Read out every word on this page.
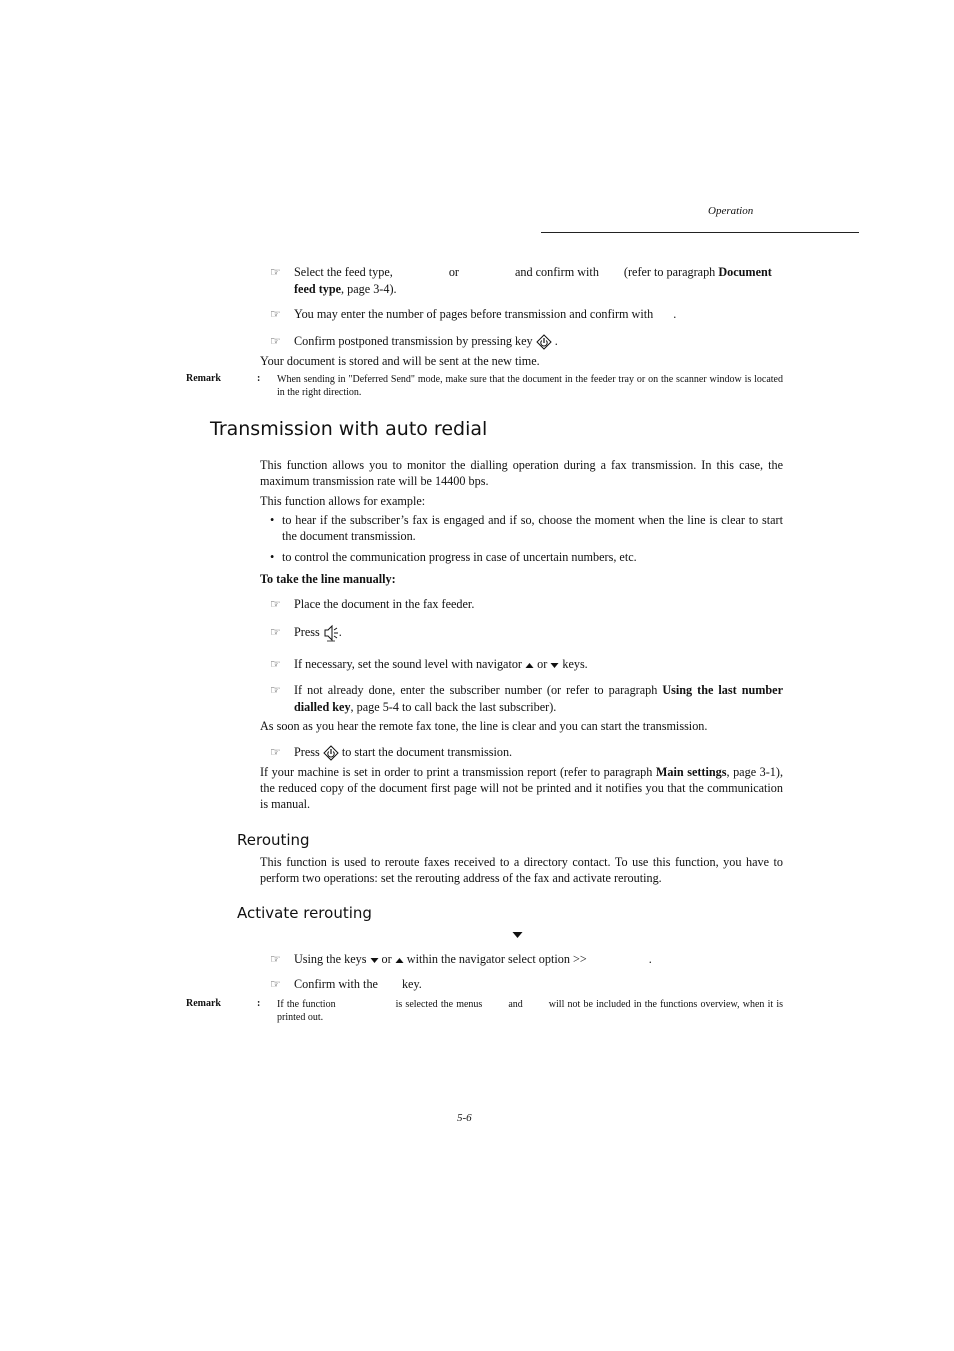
Operation
☞	Select the feed type,	or	and confirm with (refer to paragraph Document
feed type, page 3-4).
☞	You may enter the number of pages before transmission and confirm with .
☞	Confirm postponed transmission by pressing key .
Your document is stored and will be sent at the new time.
Remark	: When sending in "Deferred Send" mode, make sure that the document in the feeder tray or on the scanner window is located in the right direction.
Transmission with auto redial
This function allows you to monitor the dialling operation during a fax transmission. In this case, the maximum transmission rate will be 14400 bps.
This function allows for example:
• to hear if the subscriber’s fax is engaged and if so, choose the moment when the line is clear to start the document transmission.
• to control the communication progress in case of uncertain numbers, etc.
To take the line manually:
☞	Place the document in the fax feeder.
☞	Press .
☞	If necessary, set the sound level with navigator or keys.
☞	If not already done, enter the subscriber number (or refer to paragraph Using the last number dialled key, page 5-4 to call back the last subscriber).
As soon as you hear the remote fax tone, the line is clear and you can start the transmission.
☞	Press to start the document transmission.
If your machine is set in order to print a transmission report (refer to paragraph Main settings, page 3-1), the reduced copy of the document first page will not be printed and it notifies you that the communication is manual.
Rerouting
This function is used to reroute faxes received to a directory contact. To use this function, you have to perform two operations: set the rerouting address of the fax and activate rerouting.
Activate rerouting
☞	Using the keys or within the navigator select option >>	.
☞	Confirm with the key.
Remark	: If the function	is selected the menus	and	will not be included in the functions overview, when it is printed out.
5-6
